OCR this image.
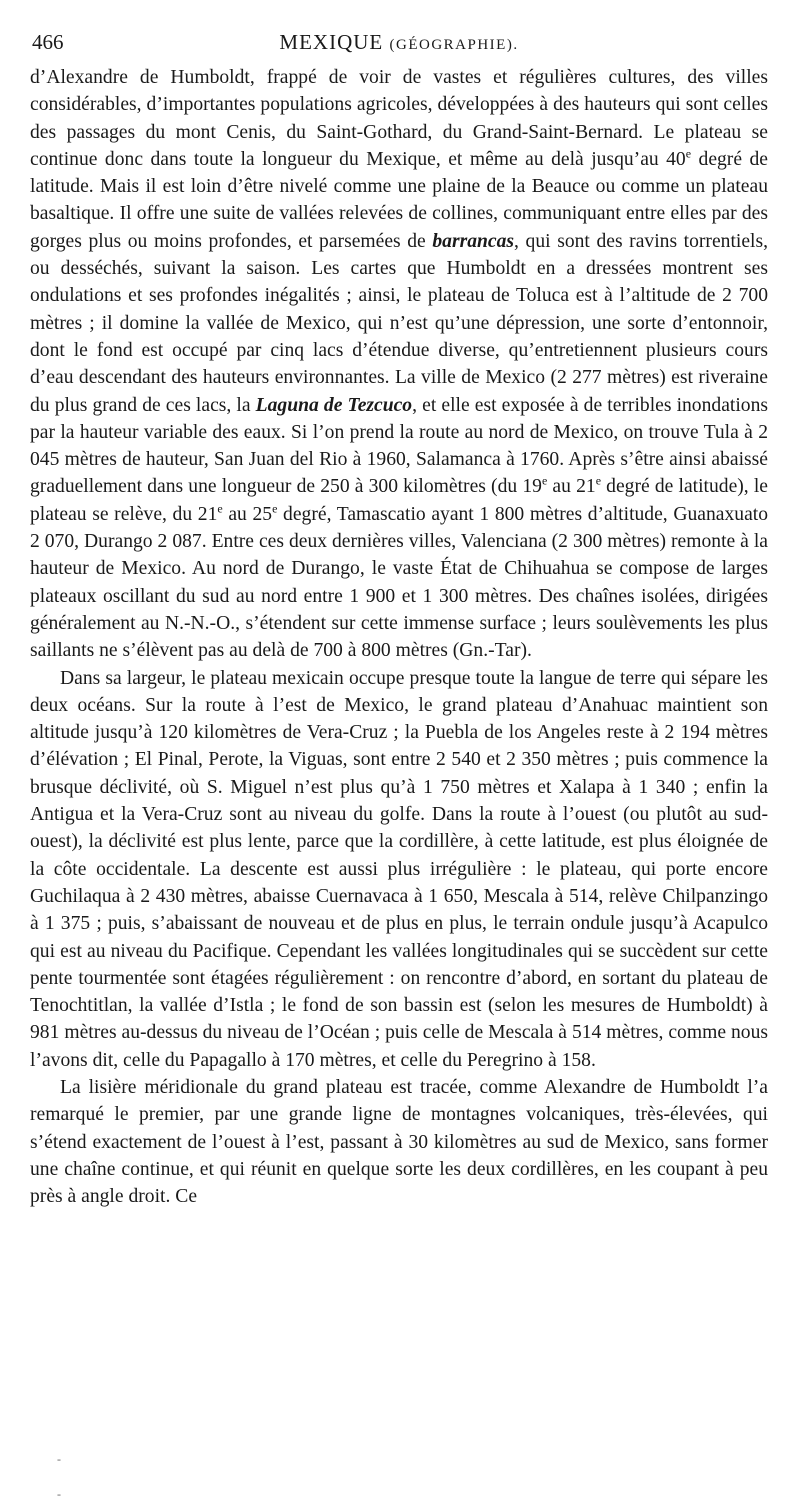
466	MEXIQUE (GÉOGRAPHIE).

d’Alexandre de Humboldt, frappé de voir de vastes et régulières cultures, des villes considérables, d’importantes populations agricoles, développées à des hauteurs qui sont celles des passages du mont Cenis, du Saint-Gothard, du Grand-Saint-Bernard. Le plateau se continue donc dans toute la longueur du Mexique, et même au delà jusqu’au 40e degré de latitude. Mais il est loin d’être nivelé comme une plaine de la Beauce ou comme un plateau basaltique. Il offre une suite de vallées relevées de collines, communiquant entre elles par des gorges plus ou moins profondes, et parsemées de barrancas, qui sont des ravins torrentiels, ou desséchés, suivant la saison. Les cartes que Humboldt en a dressées montrent ses ondulations et ses profondes inégalités ; ainsi, le plateau de Toluca est à l’altitude de 2 700 mètres ; il domine la vallée de Mexico, qui n’est qu’une dépression, une sorte d’entonnoir, dont le fond est occupé par cinq lacs d’étendue diverse, qu’entretiennent plusieurs cours d’eau descendant des hauteurs environnantes. La ville de Mexico (2 277 mètres) est riveraine du plus grand de ces lacs, la Laguna de Tezcuco, et elle est exposée à de terribles inondations par la hauteur variable des eaux. Si l’on prend la route au nord de Mexico, on trouve Tula à 2 045 mètres de hauteur, San Juan del Rio à 1960, Salamanca à 1760. Après s’être ainsi abaissé graduellement dans une longueur de 250 à 300 kilomètres (du 19e au 21e degré de latitude), le plateau se relève, du 21e au 25e degré, Tamascatio ayant 1 800 mètres d’altitude, Guanaxuato 2 070, Durango 2 087. Entre ces deux dernières villes, Valenciana (2 300 mètres) remonte à la hauteur de Mexico. Au nord de Durango, le vaste État de Chihuahua se compose de larges plateaux oscillant du sud au nord entre 1 900 et 1 300 mètres. Des chaînes isolées, dirigées généralement au N.-N.-O., s’étendent sur cette immense surface ; leurs soulèvements les plus saillants ne s’élèvent pas au delà de 700 à 800 mètres (Gn.-Tar).

Dans sa largeur, le plateau mexicain occupe presque toute la langue de terre qui sépare les deux océans. Sur la route à l’est de Mexico, le grand plateau d’Anahuac maintient son altitude jusqu’à 120 kilomètres de Vera-Cruz ; la Puebla de los Angeles reste à 2 194 mètres d’élévation ; El Pinal, Perote, la Viguas, sont entre 2 540 et 2 350 mètres ; puis commence la brusque déclivité, où S. Miguel n’est plus qu’à 1 750 mètres et Xalapa à 1 340 ; enfin la Antigua et la Vera-Cruz sont au niveau du golfe. Dans la route à l’ouest (ou plutôt au sud-ouest), la déclivité est plus lente, parce que la cordillère, à cette latitude, est plus éloignée de la côte occidentale. La descente est aussi plus irrégulière : le plateau, qui porte encore Guchilaqua à 2 430 mètres, abaisse Cuernavaca à 1 650, Mescala à 514, relève Chilpanzingo à 1 375 ; puis, s’abaissant de nouveau et de plus en plus, le terrain ondule jusqu’à Acapulco qui est au niveau du Pacifique. Cependant les vallées longitudinales qui se succèdent sur cette pente tourmentée sont étagées régulièrement : on rencontre d’abord, en sortant du plateau de Tenochtitlan, la vallée d’Istla ; le fond de son bassin est (selon les mesures de Humboldt) à 981 mètres au-dessus du niveau de l’Océan ; puis celle de Mescala à 514 mètres, comme nous l’avons dit, celle du Papagallo à 170 mètres, et celle du Peregrino à 158.

La lisière méridionale du grand plateau est tracée, comme Alexandre de Humboldt l’a remarqué le premier, par une grande ligne de montagnes volcaniques, très-élevées, qui s’étend exactement de l’ouest à l’est, passant à 30 kilomètres au sud de Mexico, sans former une chaîne continue, et qui réunit en quelque sorte les deux cordillères, en les coupant à peu près à angle droit. Ce

-
-
